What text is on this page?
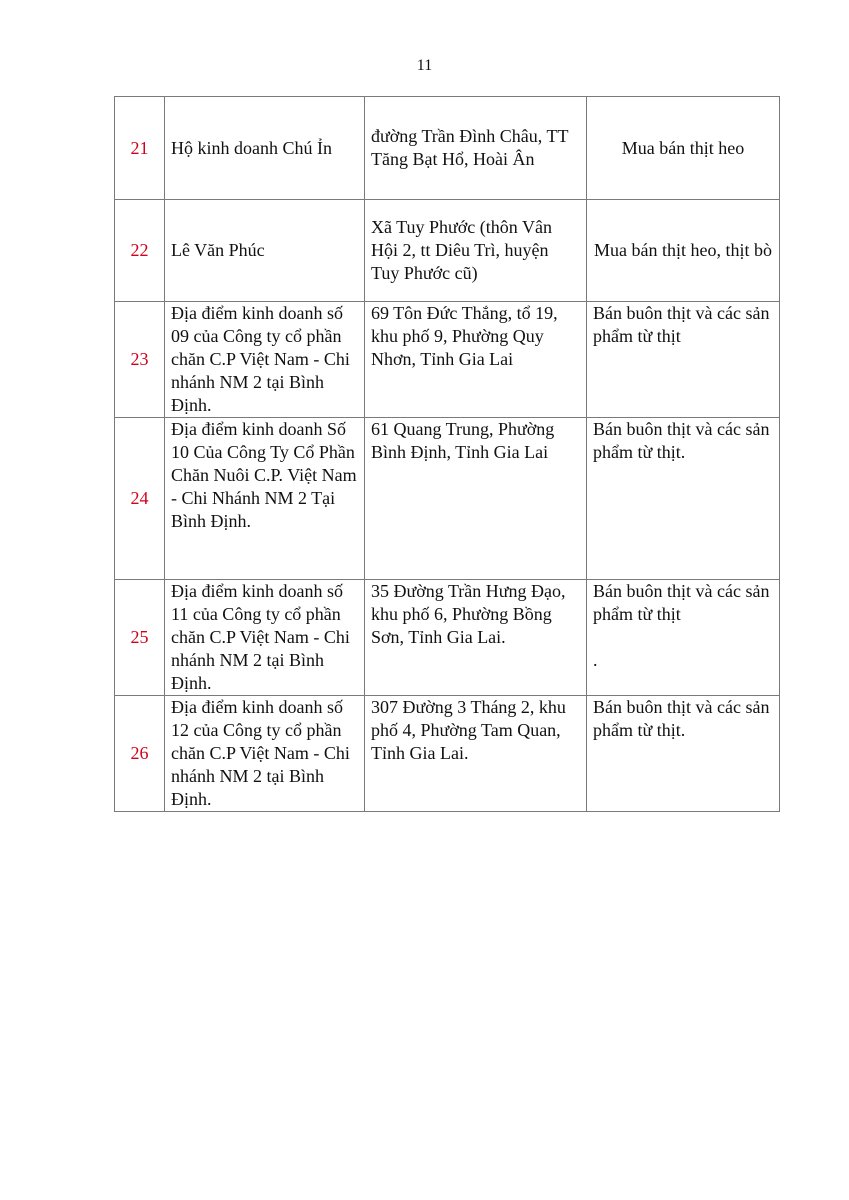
11
21	Hộ kinh doanh Chú Ỉn	đường Trần Đình Châu, TT Tăng Bạt Hổ, Hoài Ân	Mua bán thịt heo
22	Lê Văn Phúc	Xã Tuy Phước (thôn Vân Hội 2, tt Diêu Trì, huyện Tuy Phước cũ)	Mua bán thịt heo, thịt bò
23	Địa điểm kinh doanh số 09 của Công ty cổ phần chăn C.P Việt Nam - Chi nhánh NM 2 tại Bình Định.	69 Tôn Đức Thắng, tổ 19, khu phố 9, Phường Quy Nhơn, Tỉnh Gia Lai	Bán buôn thịt và các sản phẩm từ thịt
24	Địa điểm kinh doanh Số 10 Của Công Ty Cổ Phần Chăn Nuôi C.P. Việt Nam - Chi Nhánh NM 2 Tại Bình Định.	61 Quang Trung, Phường Bình Định, Tỉnh Gia Lai	Bán buôn thịt và các sản phẩm từ thịt.
25	Địa điểm kinh doanh số 11 của Công ty cổ phần chăn C.P Việt Nam - Chi nhánh NM 2 tại Bình Định.	35 Đường Trần Hưng Đạo, khu phố 6, Phường Bồng Sơn, Tỉnh Gia Lai.	Bán buôn thịt và các sản phẩm từ thịt
.

26	Địa điểm kinh doanh số 12 của Công ty cổ phần chăn C.P Việt Nam - Chi nhánh NM 2 tại Bình Định.	307 Đường 3 Tháng 2, khu phố 4, Phường Tam Quan, Tỉnh Gia Lai.	Bán buôn thịt và các sản phẩm từ thịt.
